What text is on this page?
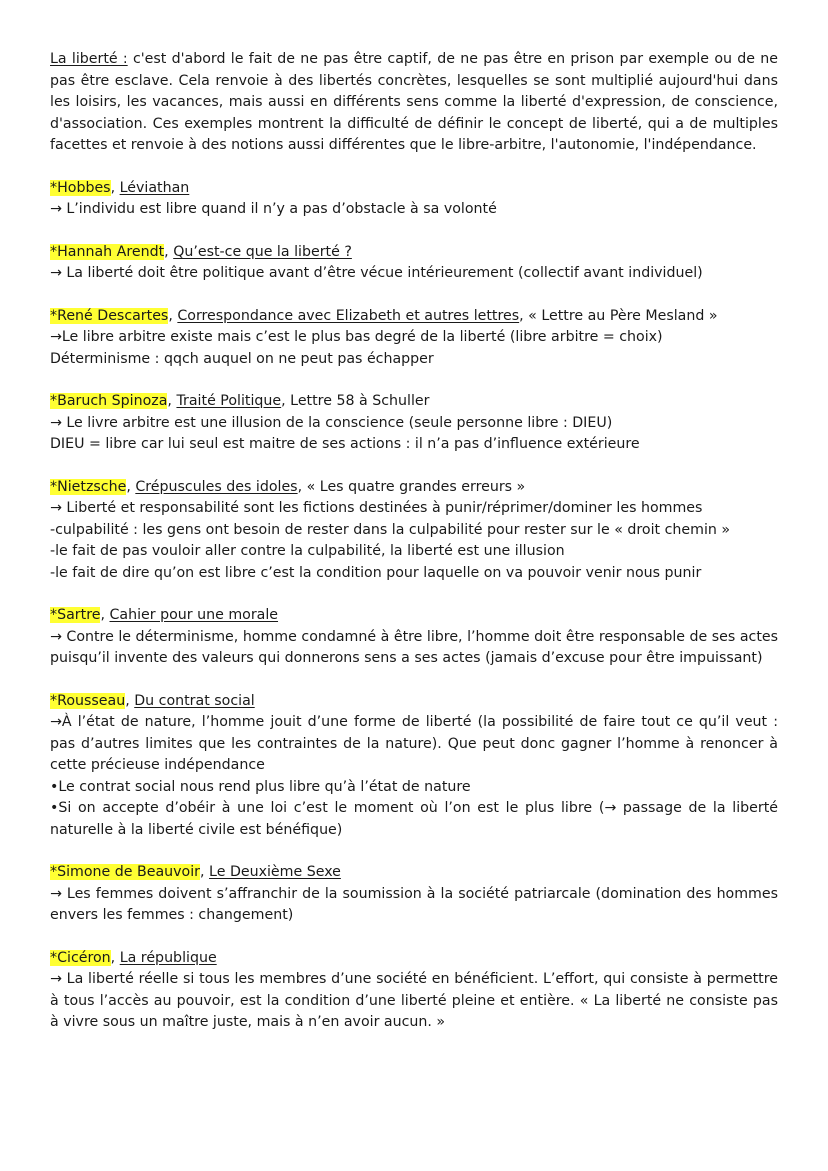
La liberté : c'est d'abord le fait de ne pas être captif, de ne pas être en prison par exemple ou de ne pas être esclave. Cela renvoie à des libertés concrètes, lesquelles se sont multiplié aujourd'hui dans les loisirs, les vacances, mais aussi en différents sens comme la liberté d'expression, de conscience, d'association. Ces exemples montrent la difficulté de définir le concept de liberté, qui a de multiples facettes et renvoie à des notions aussi différentes que le libre-arbitre, l'autonomie, l'indépendance.

*Hobbes, Léviathan
→ L’individu est libre quand il n’y a pas d’obstacle à sa volonté
*Hannah Arendt, Qu’est-ce que la liberté ?
→ La liberté doit être politique avant d’être vécue intérieurement (collectif avant individuel)
*René Descartes, Correspondance avec Elizabeth et autres lettres, « Lettre au Père Mesland »
→Le libre arbitre existe mais c’est le plus bas degré de la liberté (libre arbitre = choix)
Déterminisme : qqch auquel on ne peut pas échapper
*Baruch Spinoza, Traité Politique, Lettre 58 à Schuller
→ Le livre arbitre est une illusion de la conscience (seule personne libre : DIEU)
DIEU = libre car lui seul est maitre de ses actions : il n’a pas d’influence extérieure
*Nietzsche, Crépuscules des idoles, « Les quatre grandes erreurs »
→ Liberté et responsabilité sont les fictions destinées à punir/réprimer/dominer les hommes
-culpabilité : les gens ont besoin de rester dans la culpabilité pour rester sur le « droit chemin »
-le fait de pas vouloir aller contre la culpabilité, la liberté est une illusion
-le fait de dire qu’on est libre c’est la condition pour laquelle on va pouvoir venir nous punir
*Sartre, Cahier pour une morale
→ Contre le déterminisme, homme condamné à être libre, l’homme doit être responsable de ses actes puisqu’il invente des valeurs qui donnerons sens a ses actes (jamais d’excuse pour être impuissant)
*Rousseau, Du contrat social
→À l’état de nature, l’homme jouit d’une forme de liberté (la possibilité de faire tout ce qu’il veut : pas d’autres limites que les contraintes de la nature). Que peut donc gagner l’homme à renoncer à cette précieuse indépendance
•Le contrat social nous rend plus libre qu’à l’état de nature
•Si on accepte d’obéir à une loi c’est le moment où l’on est le plus libre (→ passage de la liberté naturelle à la liberté civile est bénéfique)
*Simone de Beauvoir, Le Deuxième Sexe
→ Les femmes doivent s’affranchir de la soumission à la société patriarcale (domination des hommes envers les femmes : changement)
*Cicéron, La république
→ La liberté réelle si tous les membres d’une société en bénéficient. L’effort, qui consiste à permettre à tous l’accès au pouvoir, est la condition d’une liberté pleine et entière. « La liberté ne consiste pas à vivre sous un maître juste, mais à n’en avoir aucun. »
